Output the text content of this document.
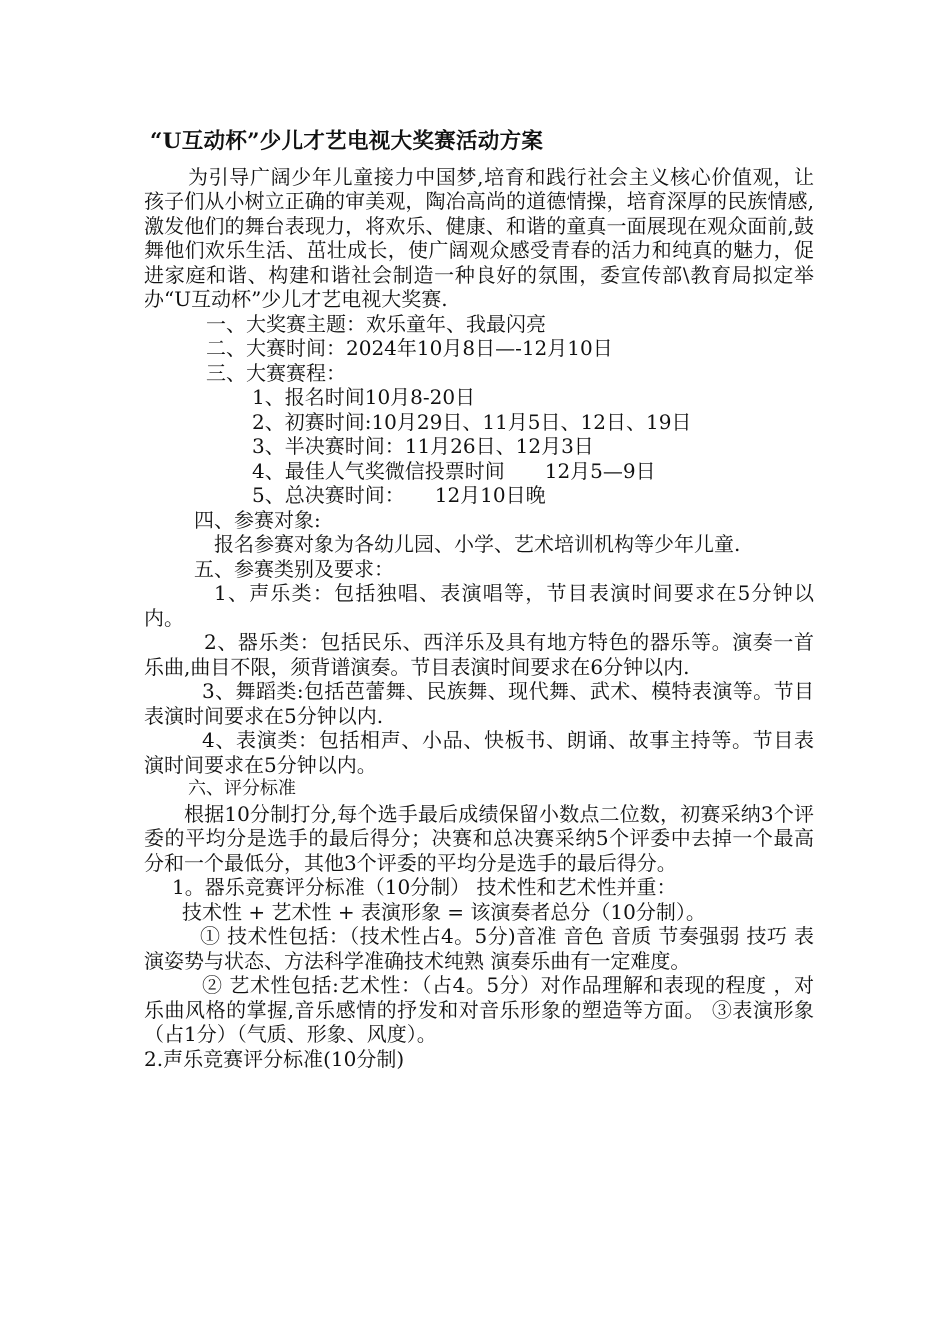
“U互动杯”少儿才艺电视大奖赛活动方案

为引导广阔少年儿童接力中国梦,培育和践行社会主义核心价值观，让孩子们从小树立正确的审美观，陶冶高尚的道德情操，培育深厚的民族情感,激发他们的舞台表现力，将欢乐、健康、和谐的童真一面展现在观众面前,鼓舞他们欢乐生活、茁壮成长，使广阔观众感受青春的活力和纯真的魅力，促进家庭和谐、构建和谐社会制造一种良好的氛围，委宣传部\教育局拟定举办“U互动杯”少儿才艺电视大奖赛.

一、大奖赛主题：欢乐童年、我最闪亮

二、大赛时间：2024年10月8日—-12月10日

三、大赛赛程：

1、报名时间10月8-20日

2、初赛时间:10月29日、11月5日、12日、19日

3、半决赛时间：11月26日、12月3日

4、最佳人气奖微信投票时间　　12月5—9日

5、总决赛时间：　　12月10日晚

四、参赛对象:

报名参赛对象为各幼儿园、小学、艺术培训机构等少年儿童.

五、参赛类别及要求：

1、声乐类：包括独唱、表演唱等，节目表演时间要求在5分钟以内。

2、器乐类：包括民乐、西洋乐及具有地方特色的器乐等。演奏一首乐曲,曲目不限，须背谱演奏。节目表演时间要求在6分钟以内.

3、舞蹈类:包括芭蕾舞、民族舞、现代舞、武术、模特表演等。节目表演时间要求在5分钟以内.

4、表演类：包括相声、小品、快板书、朗诵、故事主持等。节目表演时间要求在5分钟以内。

六、评分标准

根据10分制打分,每个选手最后成绩保留小数点二位数，初赛采纳3个评委的平均分是选手的最后得分；决赛和总决赛采纳5个评委中去掉一个最高分和一个最低分，其他3个评委的平均分是选手的最后得分。

1。器乐竞赛评分标准（10分制） 技术性和艺术性并重：

技术性 + 艺术性 + 表演形象 = 该演奏者总分（10分制）。

① 技术性包括：（技术性占4。5分)音准 音色 音质 节奏强弱 技巧 表演姿势与状态、方法科学准确技术纯熟 演奏乐曲有一定难度。

② 艺术性包括:艺术性：（占4。5分）对作品理解和表现的程度 ，对乐曲风格的掌握,音乐感情的抒发和对音乐形象的塑造等方面。 ③表演形象（占1分）（气质、形象、风度）。

2.声乐竞赛评分标准(10分制)
